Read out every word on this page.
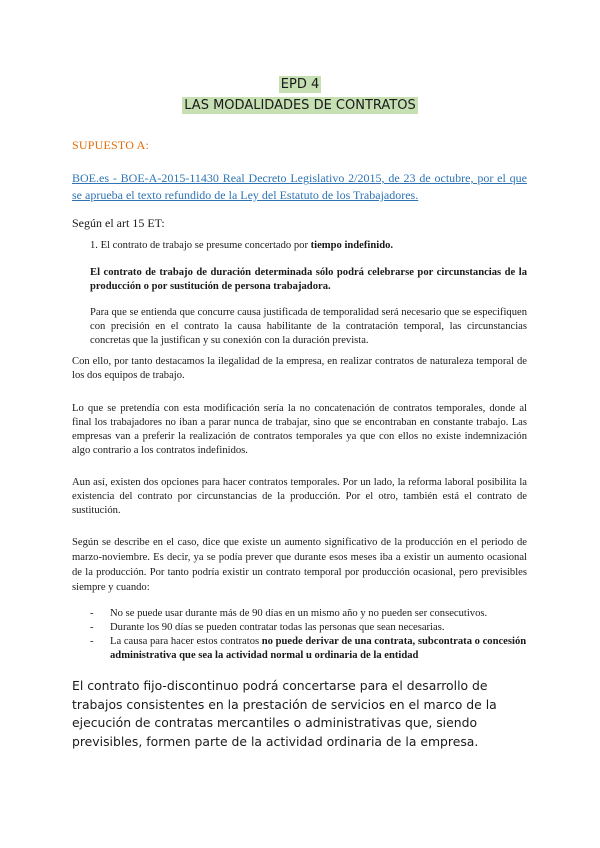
EPD 4
LAS MODALIDADES DE CONTRATOS
SUPUESTO A:
BOE.es - BOE-A-2015-11430 Real Decreto Legislativo 2/2015, de 23 de octubre, por el que se aprueba el texto refundido de la Ley del Estatuto de los Trabajadores.
Según el art 15 ET:
1. El contrato de trabajo se presume concertado por tiempo indefinido.
El contrato de trabajo de duración determinada sólo podrá celebrarse por circunstancias de la producción o por sustitución de persona trabajadora.
Para que se entienda que concurre causa justificada de temporalidad será necesario que se especifiquen con precisión en el contrato la causa habilitante de la contratación temporal, las circunstancias concretas que la justifican y su conexión con la duración prevista.
Con ello, por tanto destacamos la ilegalidad de la empresa, en realizar contratos de naturaleza temporal de los dos equipos de trabajo.
Lo que se pretendía con esta modificación sería la no concatenación de contratos temporales, donde al final los trabajadores no iban a parar nunca de trabajar, sino que se encontraban en constante trabajo. Las empresas van a preferir la realización de contratos temporales ya que con ellos no existe indemnización algo contrario a los contratos indefinidos.
Aun así, existen dos opciones para hacer contratos temporales. Por un lado, la reforma laboral posibilita la existencia del contrato por circunstancias de la producción. Por el otro, también está el contrato de sustitución.
Según se describe en el caso, dice que existe un aumento significativo de la producción en el periodo de marzo-noviembre. Es decir, ya se podía prever que durante esos meses iba a existir un aumento ocasional de la producción. Por tanto podría existir un contrato temporal por producción ocasional, pero previsibles siempre y cuando:
- No se puede usar durante más de 90 días en un mismo año y no pueden ser consecutivos.
- Durante los 90 días se pueden contratar todas las personas que sean necesarias.
- La causa para hacer estos contratos no puede derivar de una contrata, subcontrata o concesión administrativa que sea la actividad normal u ordinaria de la entidad
El contrato fijo-discontinuo podrá concertarse para el desarrollo de trabajos consistentes en la prestación de servicios en el marco de la ejecución de contratas mercantiles o administrativas que, siendo previsibles, formen parte de la actividad ordinaria de la empresa.
